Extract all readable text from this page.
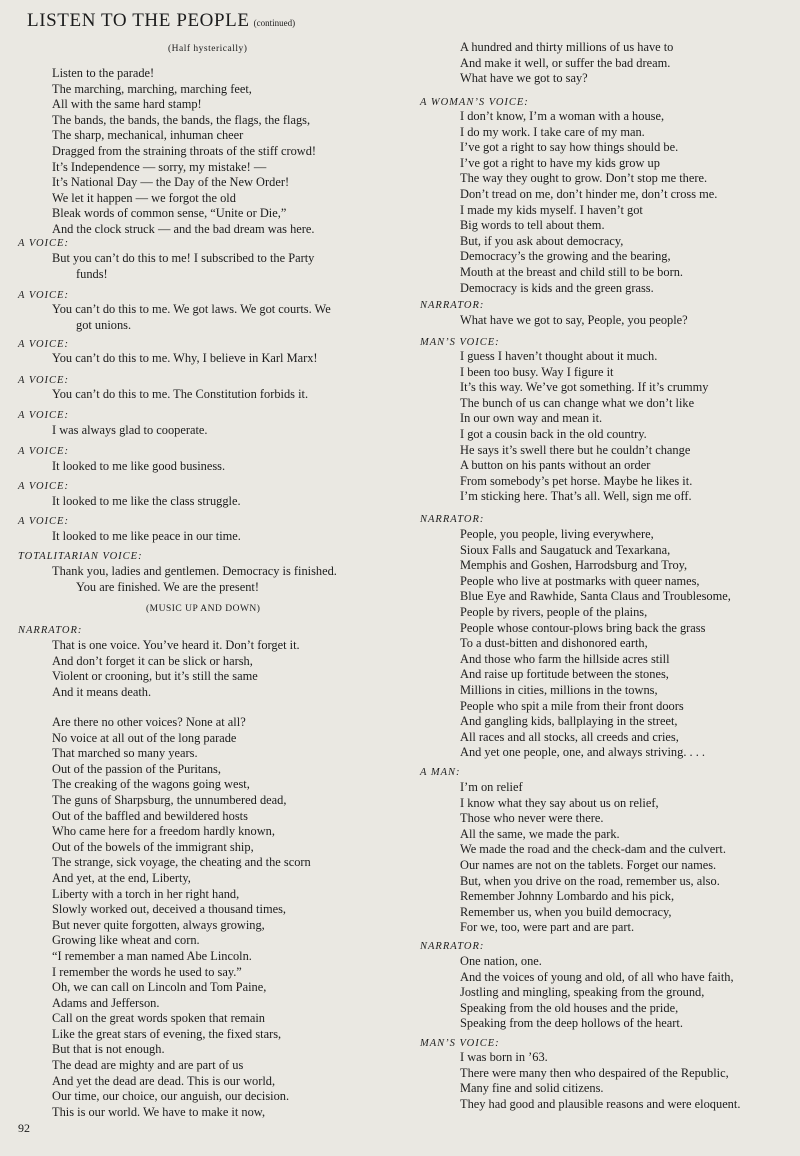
LISTEN TO THE PEOPLE (continued)
(Half hysterically)
Listen to the parade!
The marching, marching, marching feet,
All with the same hard stamp!
The bands, the bands, the bands, the flags, the flags,
The sharp, mechanical, inhuman cheer
Dragged from the straining throats of the stiff crowd!
It’s Independence — sorry, my mistake! —
It’s National Day — the Day of the New Order!
We let it happen — we forgot the old
Bleak words of common sense, “Unite or Die,”
And the clock struck — and the bad dream was here.
A VOICE:
But you can’t do this to me! I subscribed to the Party
funds!
A VOICE:
You can’t do this to me. We got laws. We got courts. We
got unions.
A VOICE:
You can’t do this to me. Why, I believe in Karl Marx!
A VOICE:
You can’t do this to me. The Constitution forbids it.
A VOICE:
I was always glad to cooperate.
A VOICE:
It looked to me like good business.
A VOICE:
It looked to me like the class struggle.
A VOICE:
It looked to me like peace in our time.
TOTALITARIAN VOICE:
Thank you, ladies and gentlemen. Democracy is finished.
You are finished. We are the present!
(MUSIC UP AND DOWN)
NARRATOR:
That is one voice. You’ve heard it. Don’t forget it.
And don’t forget it can be slick or harsh,
Violent or crooning, but it’s still the same
And it means death.
Are there no other voices? None at all?
No voice at all out of the long parade
That marched so many years.
Out of the passion of the Puritans,
The creaking of the wagons going west,
The guns of Sharpsburg, the unnumbered dead,
Out of the baffled and bewildered hosts
Who came here for a freedom hardly known,
Out of the bowels of the immigrant ship,
The strange, sick voyage, the cheating and the scorn
And yet, at the end, Liberty,
Liberty with a torch in her right hand,
Slowly worked out, deceived a thousand times,
But never quite forgotten, always growing,
Growing like wheat and corn.
“I remember a man named Abe Lincoln.
I remember the words he used to say.”
Oh, we can call on Lincoln and Tom Paine,
Adams and Jefferson.
Call on the great words spoken that remain
Like the great stars of evening, the fixed stars,
But that is not enough.
The dead are mighty and are part of us
And yet the dead are dead. This is our world,
Our time, our choice, our anguish, our decision.
This is our world. We have to make it now,
A hundred and thirty millions of us have to
And make it well, or suffer the bad dream.
What have we got to say?
A WOMAN’S VOICE:
I don’t know, I’m a woman with a house,
I do my work. I take care of my man.
I’ve got a right to say how things should be.
I’ve got a right to have my kids grow up
The way they ought to grow. Don’t stop me there.
Don’t tread on me, don’t hinder me, don’t cross me.
I made my kids myself. I haven’t got
Big words to tell about them.
But, if you ask about democracy,
Democracy’s the growing and the bearing,
Mouth at the breast and child still to be born.
Democracy is kids and the green grass.
NARRATOR:
What have we got to say, People, you people?
MAN’S VOICE:
I guess I haven’t thought about it much.
I been too busy. Way I figure it
It’s this way. We’ve got something. If it’s crummy
The bunch of us can change what we don’t like
In our own way and mean it.
I got a cousin back in the old country.
He says it’s swell there but he couldn’t change
A button on his pants without an order
From somebody’s pet horse. Maybe he likes it.
I’m sticking here. That’s all. Well, sign me off.
NARRATOR:
People, you people, living everywhere,
Sioux Falls and Saugatuck and Texarkana,
Memphis and Goshen, Harrodsburg and Troy,
People who live at postmarks with queer names,
Blue Eye and Rawhide, Santa Claus and Troublesome,
People by rivers, people of the plains,
People whose contour-plows bring back the grass
To a dust-bitten and dishonored earth,
And those who farm the hillside acres still
And raise up fortitude between the stones,
Millions in cities, millions in the towns,
People who spit a mile from their front doors
And gangling kids, ballplaying in the street,
All races and all stocks, all creeds and cries,
And yet one people, one, and always striving. . . .
A MAN:
I’m on relief
I know what they say about us on relief,
Those who never were there.
All the same, we made the park.
We made the road and the check-dam and the culvert.
Our names are not on the tablets. Forget our names.
But, when you drive on the road, remember us, also.
Remember Johnny Lombardo and his pick,
Remember us, when you build democracy,
For we, too, were part and are part.
NARRATOR:
One nation, one.
And the voices of young and old, of all who have faith,
Jostling and mingling, speaking from the ground,
Speaking from the old houses and the pride,
Speaking from the deep hollows of the heart.
MAN’S VOICE:
I was born in ’63.
There were many then who despaired of the Republic,
Many fine and solid citizens.
They had good and plausible reasons and were eloquent.
92
